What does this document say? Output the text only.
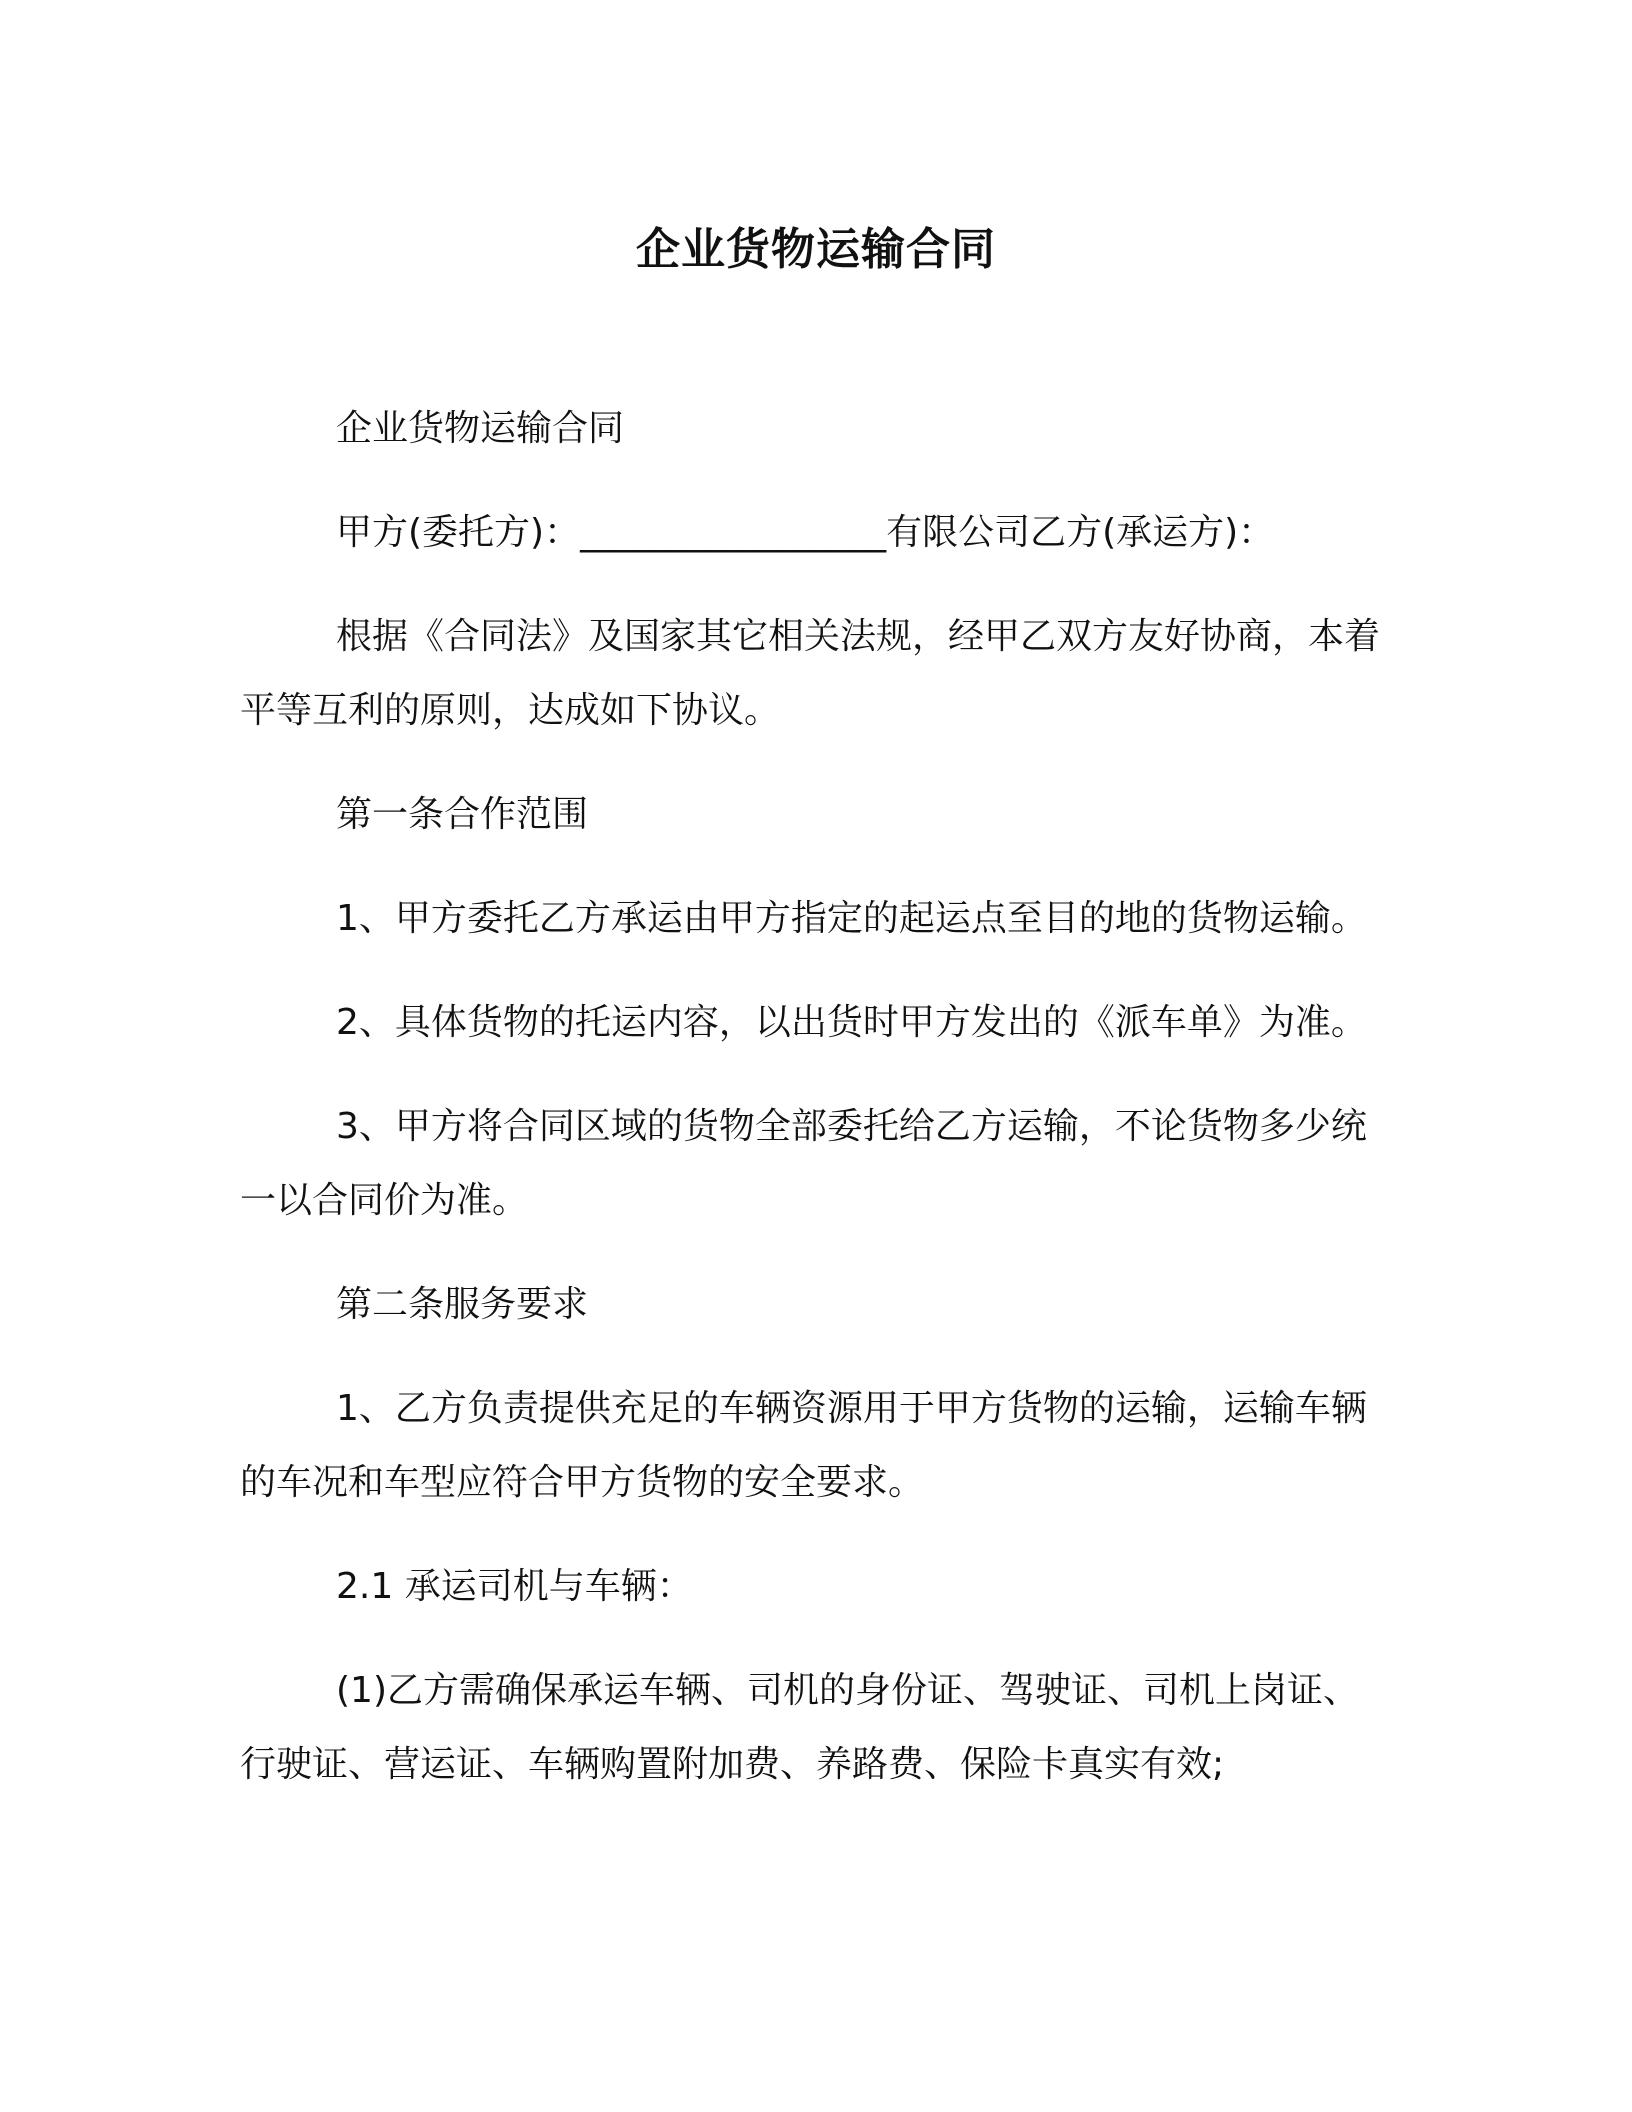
企业货物运输合同

企业货物运输合同

甲方(委托方)：_________________有限公司乙方(承运方)：

根据《合同法》及国家其它相关法规，经甲乙双方友好协商，本着平等互利的原则，达成如下协议。

第一条合作范围

1、甲方委托乙方承运由甲方指定的起运点至目的地的货物运输。

2、具体货物的托运内容，以出货时甲方发出的《派车单》为准。

3、甲方将合同区域的货物全部委托给乙方运输，不论货物多少统一以合同价为准。

第二条服务要求

1、乙方负责提供充足的车辆资源用于甲方货物的运输，运输车辆的车况和车型应符合甲方货物的安全要求。

2.1 承运司机与车辆：

(1)乙方需确保承运车辆、司机的身份证、驾驶证、司机上岗证、行驶证、营运证、车辆购置附加费、养路费、保险卡真实有效;
